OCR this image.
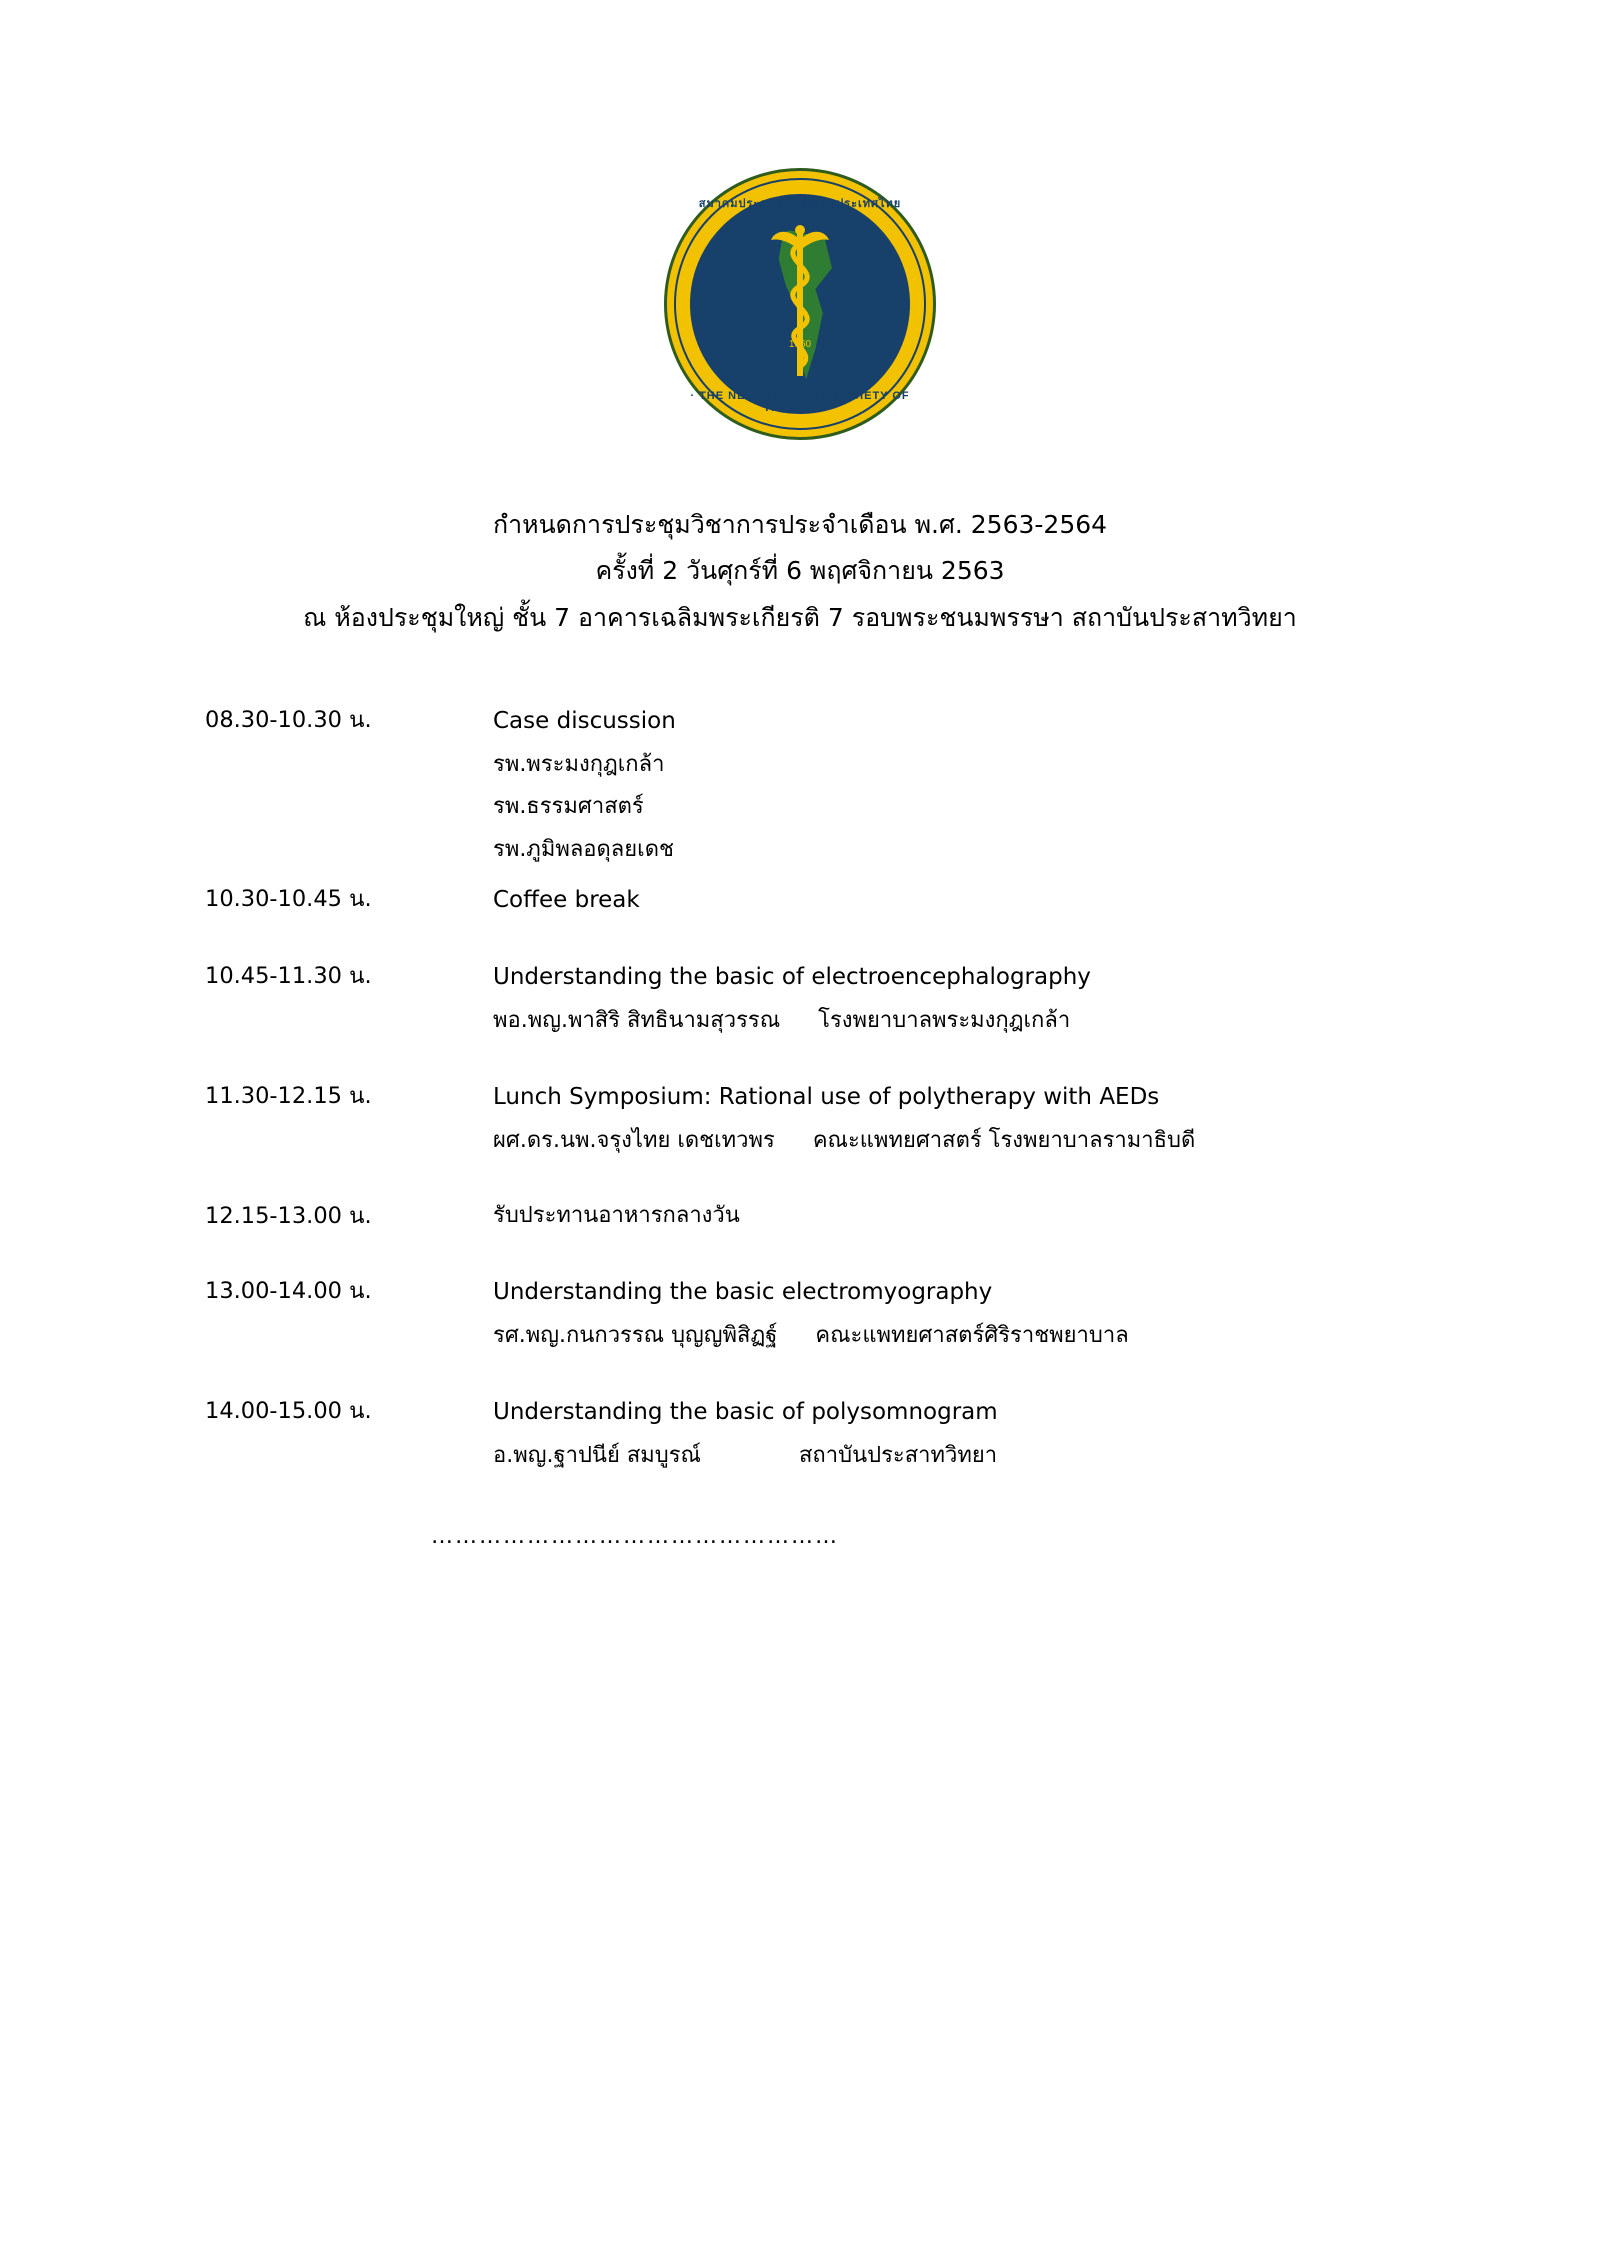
1960
สมาคมประสาทวิทยาแห่งประเทศไทย
· THE NEUROLOGICAL SOCIETY OF THAILAND ·
กำหนดการประชุมวิชาการประจำเดือน พ.ศ. 2563-2564
ครั้งที่ 2 วันศุกร์ที่ 6 พฤศจิกายน 2563
ณ ห้องประชุมใหญ่ ชั้น 7 อาคารเฉลิมพระเกียรติ 7 รอบพระชนมพรรษา สถาบันประสาทวิทยา
08.30-10.30 น.	Case discussion
รพ.พระมงกุฎเกล้า
รพ.ธรรมศาสตร์
รพ.ภูมิพลอดุลยเดช
10.30-10.45 น.	Coffee break
10.45-11.30 น.	Understanding the basic of electroencephalography
พอ.พญ.พาสิริ สิทธินามสุวรรณ โรงพยาบาลพระมงกุฎเกล้า
11.30-12.15 น.	Lunch Symposium: Rational use of polytherapy with AEDs
ผศ.ดร.นพ.จรุงไทย เดชเทวพร คณะแพทยศาสตร์ โรงพยาบาลรามาธิบดี
12.15-13.00 น.	รับประทานอาหารกลางวัน
13.00-14.00 น.	Understanding the basic electromyography
รศ.พญ.กนกวรรณ บุญญพิสิฏฐ์ คณะแพทยศาสตร์ศิริราชพยาบาล
14.00-15.00 น.	Understanding the basic of polysomnogram
อ.พญ.ฐาปนีย์ สมบูรณ์	สถาบันประสาทวิทยา
……………………………………………
